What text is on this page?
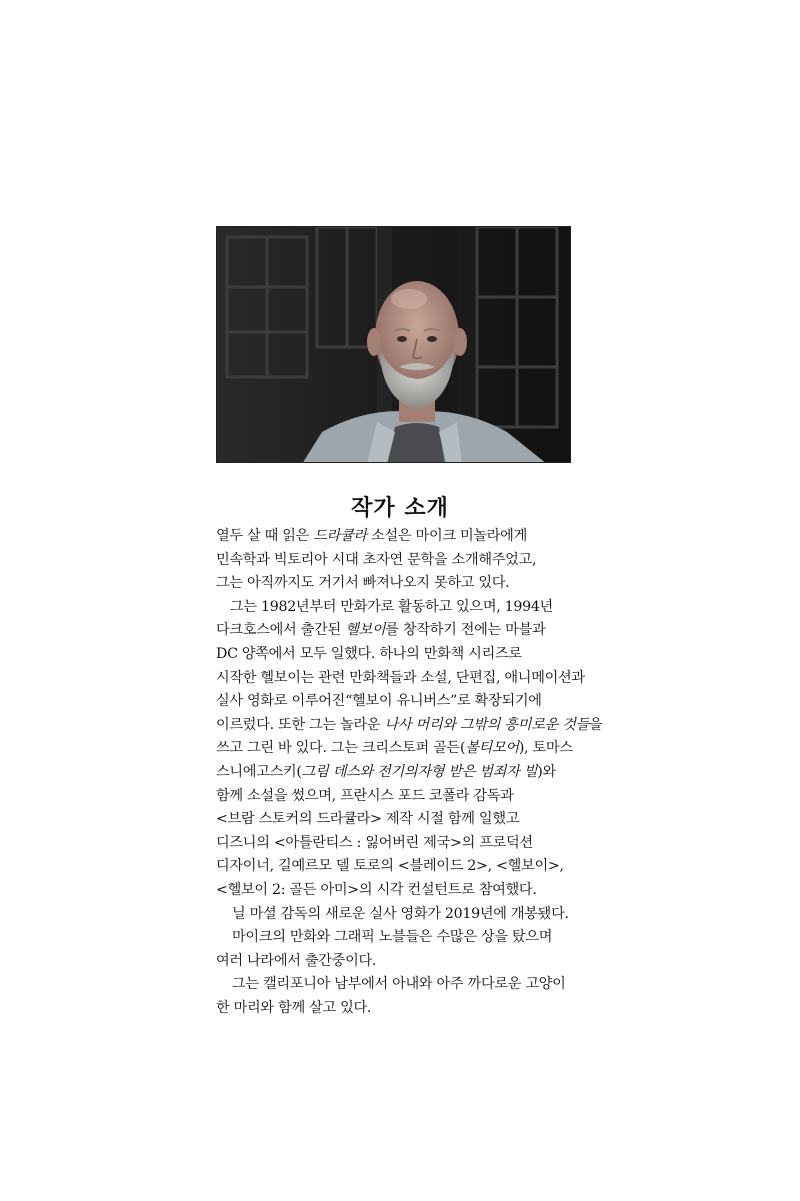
작가 소개
열두 살 때 읽은 드라큘라 소설은 마이크 미놀라에게
민속학과 빅토리아 시대 초자연 문학을 소개해주었고,
그는 아직까지도 거기서 빠져나오지 못하고 있다.
그는 1982년부터 만화가로 활동하고 있으며, 1994년
다크호스에서 출간된 헬보이를 창작하기 전에는 마블과
DC 양쪽에서 모두 일했다. 하나의 만화책 시리즈로
시작한 헬보이는 관련 만화책들과 소설, 단편집, 애니메이션과
실사 영화로 이루어진“헬보이 유니버스”로 확장되기에
이르렀다. 또한 그는 놀라운 나사 머리와 그밖의 흥미로운 것들을
쓰고 그린 바 있다. 그는 크리스토퍼 골든(볼티모어), 토마스
스니에고스키(그림 데스와 전기의자형 받은 범죄자 빌)와
함께 소설을 썼으며, 프란시스 포드 코폴라 감독과
<브람 스토커의 드라큘라> 제작 시절 함께 일했고
디즈니의 <아틀란티스 : 잃어버린 제국>의 프로덕션
디자이너, 길예르모 델 토로의 <블레이드 2>, <헬보이>,
<헬보이 2: 골든 아미>의 시각 컨설턴트로 참여했다.
닐 마셜 감독의 새로운 실사 영화가 2019년에 개봉됐다.
마이크의 만화와 그래픽 노블들은 수많은 상을 탔으며
여러 나라에서 출간중이다.
그는 캘리포니아 남부에서 아내와 아주 까다로운 고양이
한 마리와 함께 살고 있다.
